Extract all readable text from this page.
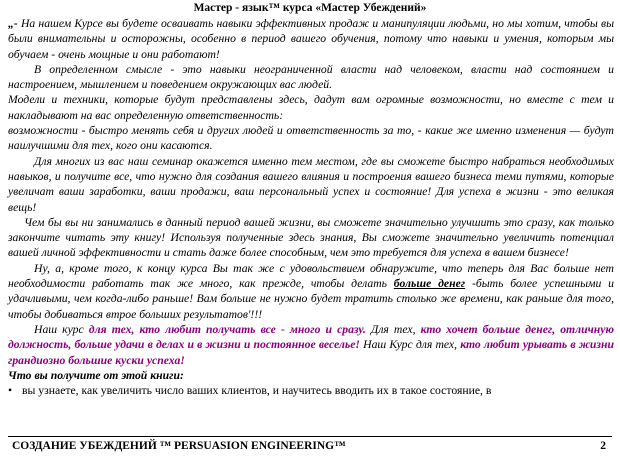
Мастер - язык™ курса «Мастер Убеждений»

„- На нашем Курсе вы будете осваивать навыки эффективных продаж и манипуляции людьми, но мы хотим, чтобы вы были внимательны и осторожны, особенно в период вашего обучения, потому что навыки и умения, которым мы обучаем - очень мощные и они работают!

В определенном смысле - это навыки неограниченной власти над человеком, власти над состоянием и настроением, мышлением и поведением окружающих вас людей.

Модели и техники, которые будут представлены здесь, дадут вам огромные возможности, но вместе с тем и накладывают на вас определенную ответственность:

возможности - быстро менять себя и других людей и ответственность за то, - какие же именно изменения — будут наилучшими для тех, кого они касаются.

Для многих из вас наш семинар окажется именно тем местом, где вы сможете быстро набраться необходимых навыков, и получите все, что нужно для создания вашего влияния и построения вашего бизнеса теми путями, которые увеличат ваши заработки, ваши продажи, ваш персональный успех и состояние! Для успеха в жизни - это великая вещь!

Чем бы вы ни занимались в данный период вашей жизни, вы сможете значительно улучшить это сразу, как только закончите читать эту книгу! Используя полученные здесь знания, Вы сможете значительно увеличить потенциал вашей личной эффективности и стать даже более способным, чем это требуется для успеха в вашем бизнесе!

Ну, а, кроме того, к концу курса Вы так же с удовольствием обнаружите, что теперь для Вас больше нет необходимости работать так же много, как прежде, чтобы делать больше денег -быть более успешными и удачливыми, чем когда-либо раньше! Вам больше не нужно будет тратить столько же времени, как раньше для того, чтобы добиваться втрое больших результатов'!!!

Наш курс для тех, кто любит получать все - много и сразу. Для тех, кто хочет больше денег, отличную должность, больше удачи в делах и в жизни и постоянное веселье! Наш Курс для тех, кто любит урывать в жизни грандиозно большие куски успеха!

Что вы получите от этой книги:

• вы узнаете, как увеличить число ваших клиентов, и научитесь вводить их в такое состояние, в
СОЗДАНИЕ УБЕЖДЕНИЙ ™ PERSUASION ENGINEERING™	2
